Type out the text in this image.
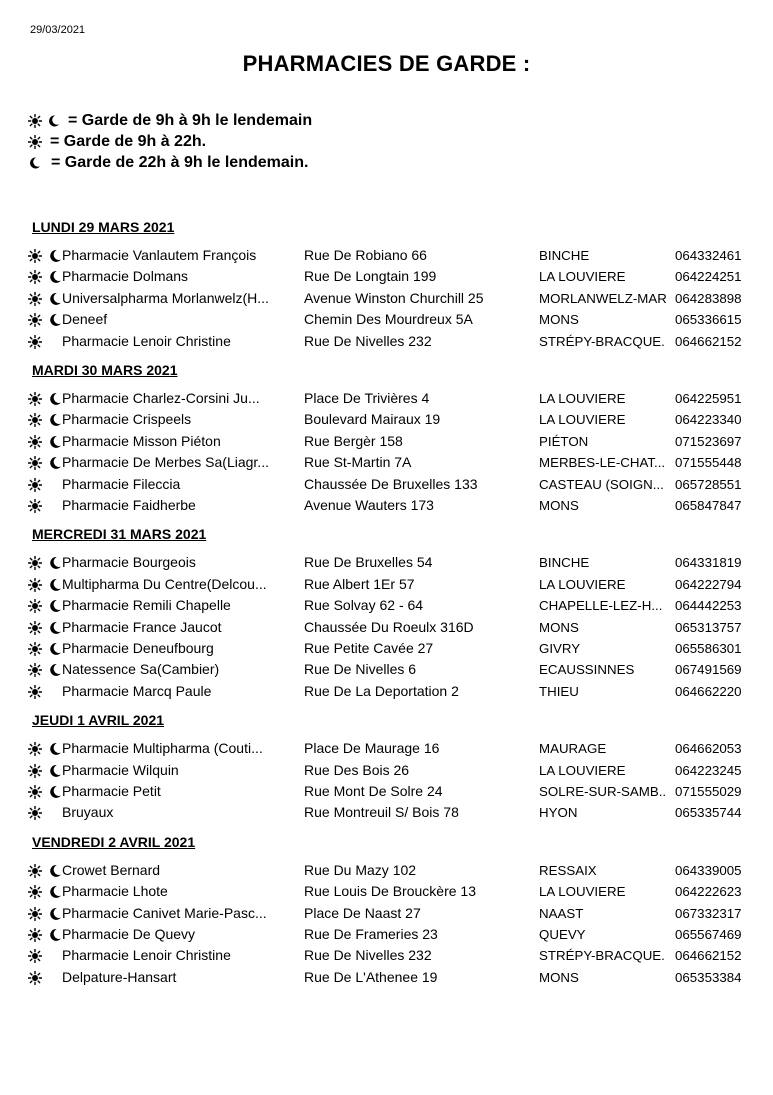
29/03/2021
PHARMACIES DE GARDE :
= Garde de 9h à 9h le lendemain
= Garde de 9h à 22h.
= Garde de 22h à 9h le lendemain.
LUNDI 29 MARS 2021
Pharmacie Vanlautem François	Rue De Robiano 66	BINCHE	064332461
Pharmacie Dolmans	Rue De Longtain 199	LA LOUVIERE	064224251
Universalpharma Morlanwelz(H...	Avenue Winston Churchill 25	MORLANWELZ-MAR 064283898
Deneef	Chemin Des Mourdreux 5A	MONS	065336615
Pharmacie Lenoir Christine	Rue De Nivelles 232	STRÉPY-BRACQUE. 064662152
MARDI 30 MARS 2021
Pharmacie Charlez-Corsini Ju...	Place De Trivières 4	LA LOUVIERE	064225951
Pharmacie Crispeels	Boulevard Mairaux 19	LA LOUVIERE	064223340
Pharmacie Misson Piéton	Rue Bergèr 158	PIÉTON	071523697
Pharmacie De Merbes Sa(Liagr...	Rue St-Martin 7A	MERBES-LE-CHAT... 071555448
Pharmacie Fileccia	Chaussée De Bruxelles 133	CASTEAU (SOIGN... 065728551
Pharmacie Faidherbe	Avenue Wauters 173	MONS	065847847
MERCREDI 31 MARS 2021
Pharmacie Bourgeois	Rue De Bruxelles 54	BINCHE	064331819
Multipharma Du Centre(Delcou...	Rue Albert 1Er 57	LA LOUVIERE	064222794
Pharmacie Remili Chapelle	Rue Solvay 62 - 64	CHAPELLE-LEZ-H... 064442253
Pharmacie France Jaucot	Chaussée Du Roeulx 316D	MONS	065313757
Pharmacie Deneufbourg	Rue Petite Cavée 27	GIVRY	065586301
Natessence Sa(Cambier)	Rue De Nivelles 6	ECAUSSINNES	067491569
Pharmacie Marcq Paule	Rue De La Deportation 2	THIEU	064662220
JEUDI 1 AVRIL 2021
Pharmacie Multipharma (Couti...	Place De Maurage 16	MAURAGE	064662053
Pharmacie Wilquin	Rue Des Bois 26	LA LOUVIERE	064223245
Pharmacie Petit	Rue Mont De Solre 24	SOLRE-SUR-SAMB.. 071555029
Bruyaux	Rue Montreuil S/ Bois 78	HYON	065335744
VENDREDI 2 AVRIL 2021
Crowet Bernard	Rue Du Mazy 102	RESSAIX	064339005
Pharmacie Lhote	Rue Louis De Brouckère 13	LA LOUVIERE	064222623
Pharmacie Canivet Marie-Pasc...	Place De Naast 27	NAAST	067332317
Pharmacie De Quevy	Rue De Frameries 23	QUEVY	065567469
Pharmacie Lenoir Christine	Rue De Nivelles 232	STRÉPY-BRACQUE. 064662152
Delpature-Hansart	Rue De L'Athenee 19	MONS	065353384
